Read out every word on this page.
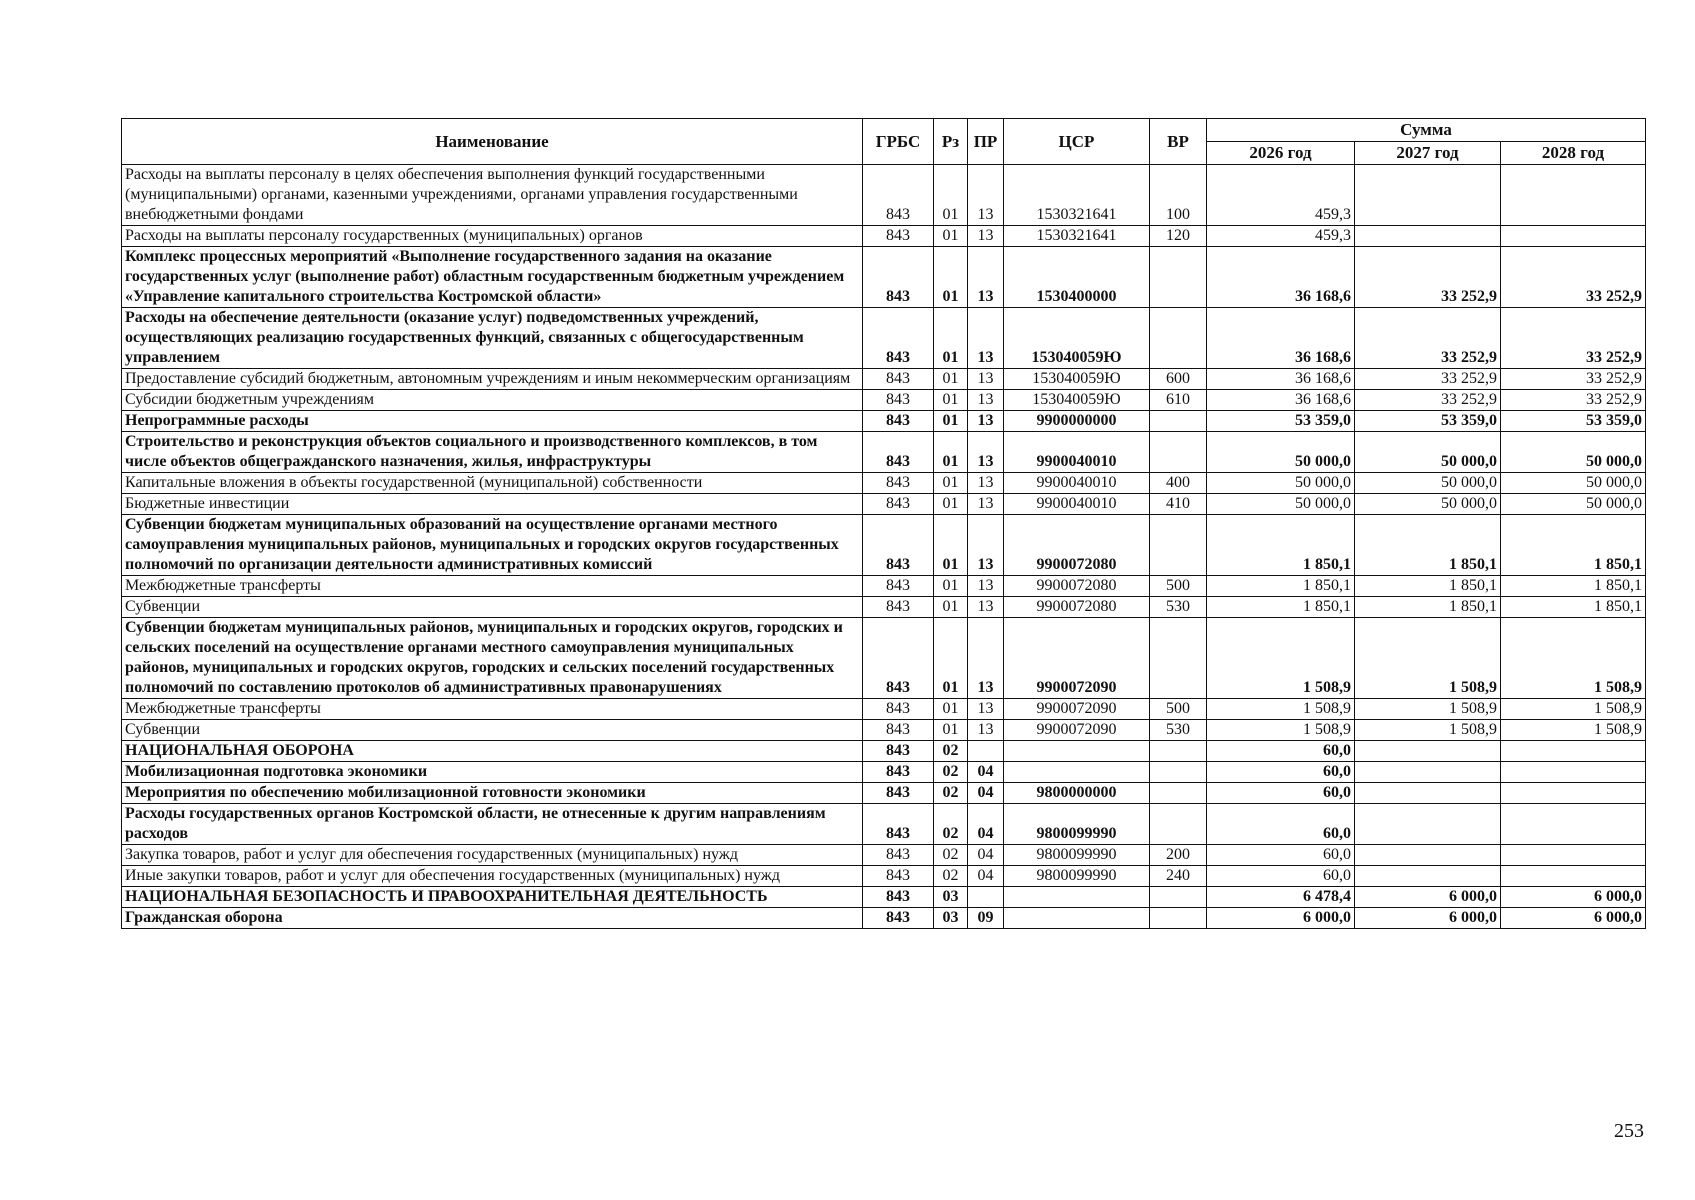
Наименование	ГРБС	Рз	ПР	ЦСР	ВР	Сумма		
						2026 год	2027 год	2028 год
Расходы на выплаты персоналу в целях обеспечения выполнения функций государственными (муниципальными) органами, казенными учреждениями, органами управления государственными внебюджетными фондами	843	01	13	1530321641	100	459,3		
Расходы на выплаты персоналу государственных (муниципальных) органов	843	01	13	1530321641	120	459,3		
Комплекс процессных мероприятий «Выполнение государственного задания на оказание государственных услуг (выполнение работ) областным государственным бюджетным учреждением «Управление капитального строительства Костромской области»	843	01	13	1530400000		36 168,6	33 252,9	33 252,9
Расходы на обеспечение деятельности (оказание услуг) подведомственных учреждений, осуществляющих реализацию государственных функций, связанных с общегосударственным управлением	843	01	13	153040059Ю		36 168,6	33 252,9	33 252,9
Предоставление субсидий бюджетным, автономным учреждениям и иным некоммерческим организациям	843	01	13	153040059Ю	600	36 168,6	33 252,9	33 252,9
Субсидии бюджетным учреждениям	843	01	13	153040059Ю	610	36 168,6	33 252,9	33 252,9
Непрограммные расходы	843	01	13	9900000000		53 359,0	53 359,0	53 359,0
Строительство и реконструкция объектов социального и производственного комплексов, в том числе объектов общегражданского назначения, жилья, инфраструктуры	843	01	13	9900040010		50 000,0	50 000,0	50 000,0
Капитальные вложения в объекты государственной (муниципальной) собственности	843	01	13	9900040010	400	50 000,0	50 000,0	50 000,0
Бюджетные инвестиции	843	01	13	9900040010	410	50 000,0	50 000,0	50 000,0
Субвенции бюджетам муниципальных образований на осуществление органами местного самоуправления муниципальных районов, муниципальных и городских округов государственных полномочий по организации деятельности административных комиссий	843	01	13	9900072080		1 850,1	1 850,1	1 850,1
Межбюджетные трансферты	843	01	13	9900072080	500	1 850,1	1 850,1	1 850,1
Субвенции	843	01	13	9900072080	530	1 850,1	1 850,1	1 850,1
Субвенции бюджетам муниципальных районов, муниципальных и городских округов, городских и сельских поселений на осуществление органами местного самоуправления муниципальных районов, муниципальных и городских округов, городских и сельских поселений государственных полномочий по составлению протоколов об административных правонарушениях	843	01	13	9900072090		1 508,9	1 508,9	1 508,9
Межбюджетные трансферты	843	01	13	9900072090	500	1 508,9	1 508,9	1 508,9
Субвенции	843	01	13	9900072090	530	1 508,9	1 508,9	1 508,9
НАЦИОНАЛЬНАЯ ОБОРОНА	843	02				60,0		
Мобилизационная подготовка экономики	843	02	04			60,0		
Мероприятия по обеспечению мобилизационной готовности экономики	843	02	04	9800000000		60,0		
Расходы государственных органов Костромской области, не отнесенные к другим направлениям расходов	843	02	04	9800099990		60,0		
Закупка товаров, работ и услуг для обеспечения государственных (муниципальных) нужд	843	02	04	9800099990	200	60,0		
Иные закупки товаров, работ и услуг для обеспечения государственных (муниципальных) нужд	843	02	04	9800099990	240	60,0		
НАЦИОНАЛЬНАЯ БЕЗОПАСНОСТЬ И ПРАВООХРАНИТЕЛЬНАЯ ДЕЯТЕЛЬНОСТЬ	843	03				6 478,4	6 000,0	6 000,0
Гражданская оборона	843	03	09			6 000,0	6 000,0	6 000,0
253
